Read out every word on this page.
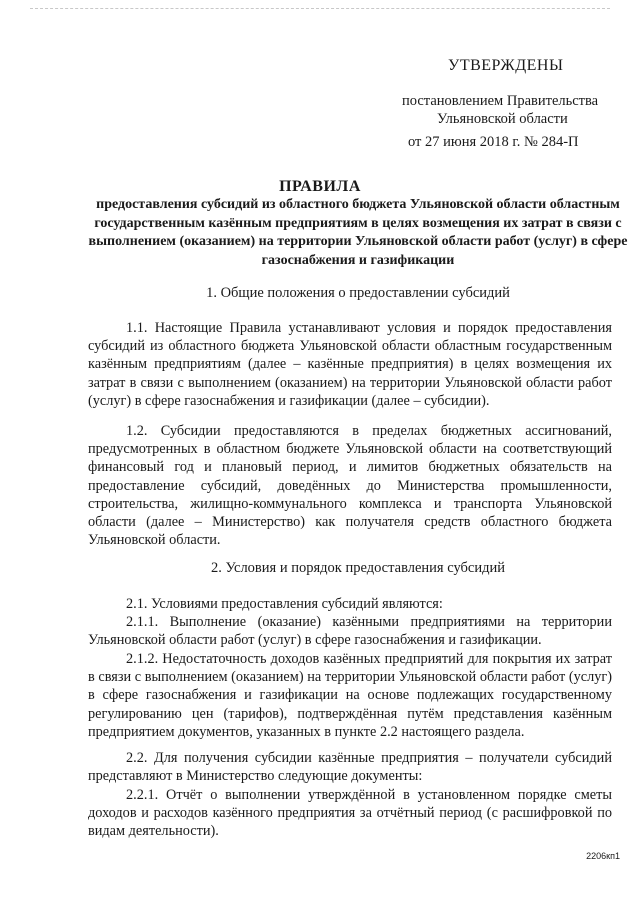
УТВЕРЖДЕНЫ
постановлением Правительства
Ульяновской области
от 27 июня 2018 г. № 284-П
ПРАВИЛА
предоставления субсидий из областного бюджета Ульяновской области областным государственным казённым предприятиям в целях возмещения их затрат в связи с выполнением (оказанием) на территории Ульяновской области работ (услуг) в сфере газоснабжения и газификации
1. Общие положения о предоставлении субсидий

1.1. Настоящие Правила устанавливают условия и порядок предоставления субсидий из областного бюджета Ульяновской области областным государственным казённым предприятиям (далее – казённые предприятия) в целях возмещения их затрат в связи с выполнением (оказанием) на территории Ульяновской области работ (услуг) в сфере газоснабжения и газификации (далее – субсидии).

1.2. Субсидии предоставляются в пределах бюджетных ассигнований, предусмотренных в областном бюджете Ульяновской области на соответствующий финансовый год и плановый период, и лимитов бюджетных обязательств на предоставление субсидий, доведённых до Министерства промышленности, строительства, жилищно-коммунального комплекса и транспорта Ульяновской области (далее – Министерство) как получателя средств областного бюджета Ульяновской области.

2. Условия и порядок предоставления субсидий

2.1. Условиями предоставления субсидий являются:

2.1.1. Выполнение (оказание) казёнными предприятиями на территории Ульяновской области работ (услуг) в сфере газоснабжения и газификации.

2.1.2. Недостаточность доходов казённых предприятий для покрытия их затрат в связи с выполнением (оказанием) на территории Ульяновской области работ (услуг) в сфере газоснабжения и газификации на основе подлежащих государственному регулированию цен (тарифов), подтверждённая путём представления казённым предприятием документов, указанных в пункте 2.2 настоящего раздела.

2.2. Для получения субсидии казённые предприятия – получатели субсидий представляют в Министерство следующие документы:

2.2.1. Отчёт о выполнении утверждённой в установленном порядке сметы доходов и расходов казённого предприятия за отчётный период (с расшифровкой по видам деятельности).

2206кп1
